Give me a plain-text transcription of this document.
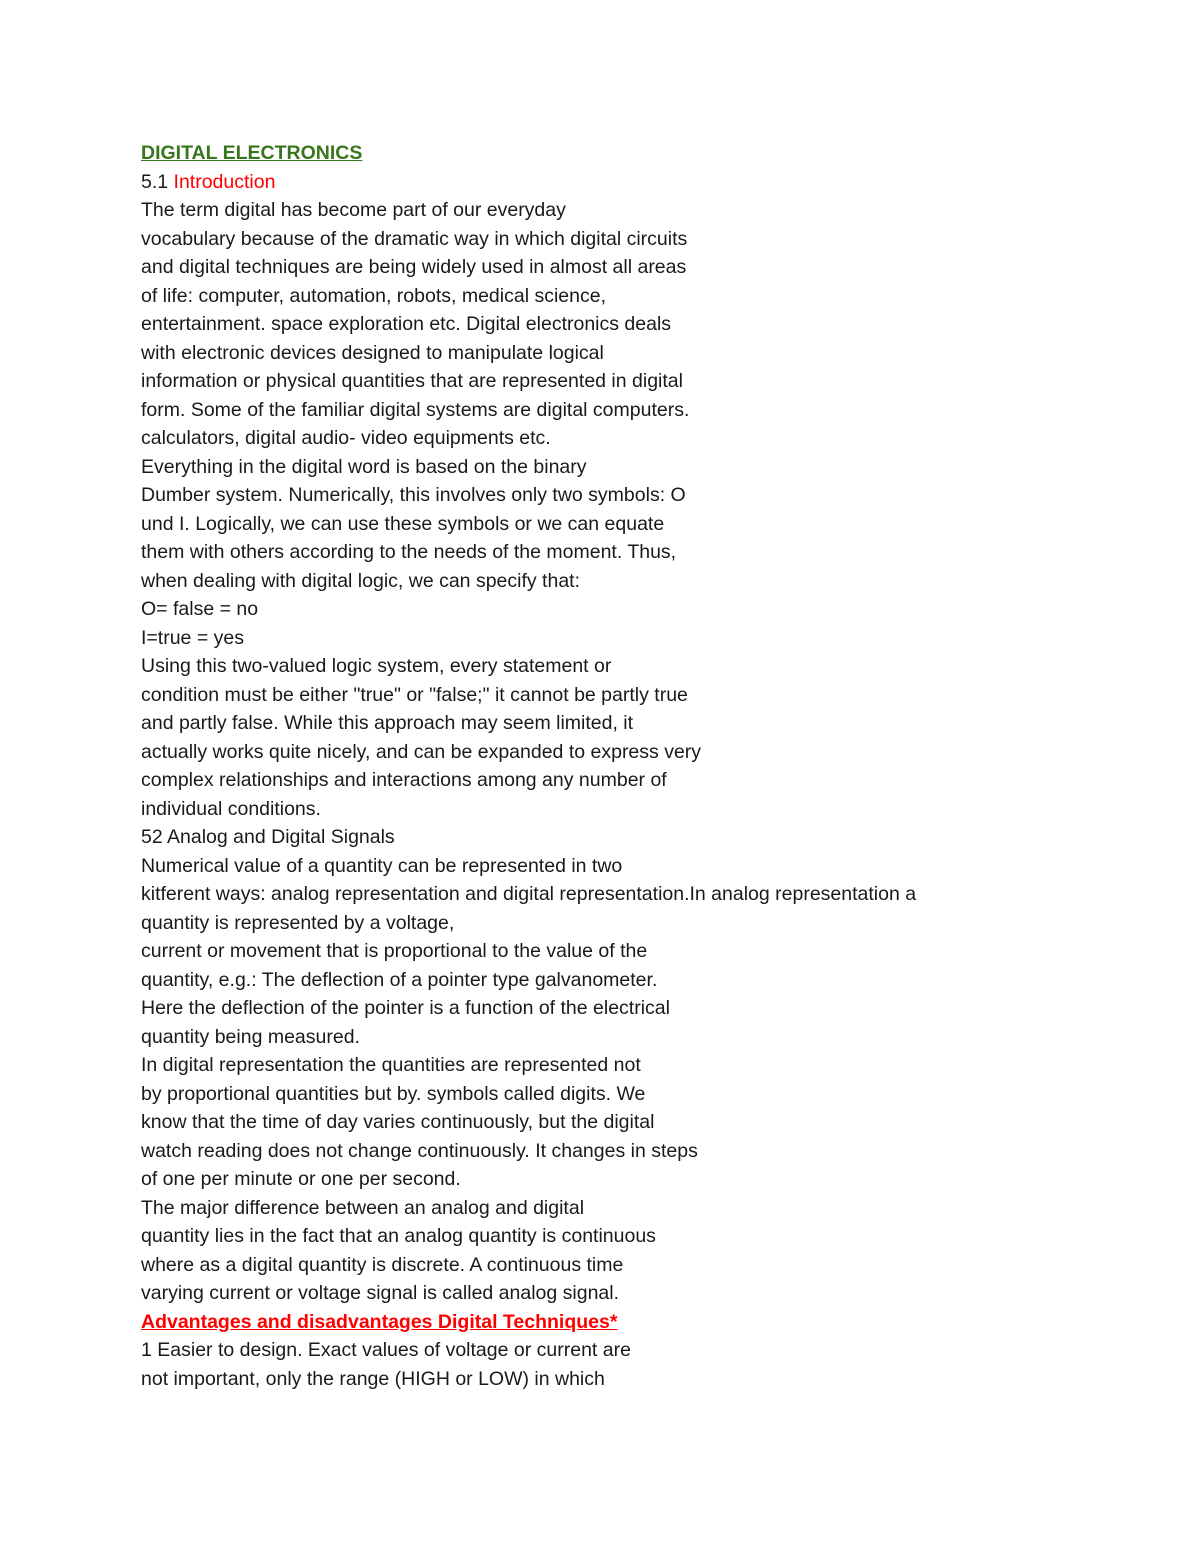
DIGITAL ELECTRONICS
5.1 Introduction
The term digital has become part of our everyday
vocabulary because of the dramatic way in which digital circuits
and digital techniques are being widely used in almost all areas
of life: computer, automation, robots, medical science,
entertainment. space exploration etc. Digital electronics deals
with electronic devices designed to manipulate logical
information or physical quantities that are represented in digital
form. Some of the familiar digital systems are digital computers.
calculators, digital audio- video equipments etc.
Everything in the digital word is based on the binary
Dumber system. Numerically, this involves only two symbols: O
und I. Logically, we can use these symbols or we can equate
them with others according to the needs of the moment. Thus,
when dealing with digital logic, we can specify that:
O= false = no
I=true = yes
Using this two-valued logic system, every statement or
condition must be either "true" or "false;" it cannot be partly true
and partly false. While this approach may seem limited, it
actually works quite nicely, and can be expanded to express very
complex relationships and interactions among any number of
individual conditions.
52 Analog and Digital Signals
Numerical value of a quantity can be represented in two
kitferent ways: analog representation and digital representation.In analog representation a
quantity is represented by a voltage,
current or movement that is proportional to the value of the
quantity, e.g.: The deflection of a pointer type galvanometer.
Here the deflection of the pointer is a function of the electrical
quantity being measured.
In digital representation the quantities are represented not
by proportional quantities but by. symbols called digits. We
know that the time of day varies continuously, but the digital
watch reading does not change continuously. It changes in steps
of one per minute or one per second.
The major difference between an analog and digital
quantity lies in the fact that an analog quantity is continuous
where as a digital quantity is discrete. A continuous time
varying current or voltage signal is called analog signal.
Advantages and disadvantages Digital Techniques*
1 Easier to design. Exact values of voltage or current are
not important, only the range (HIGH or LOW) in which
